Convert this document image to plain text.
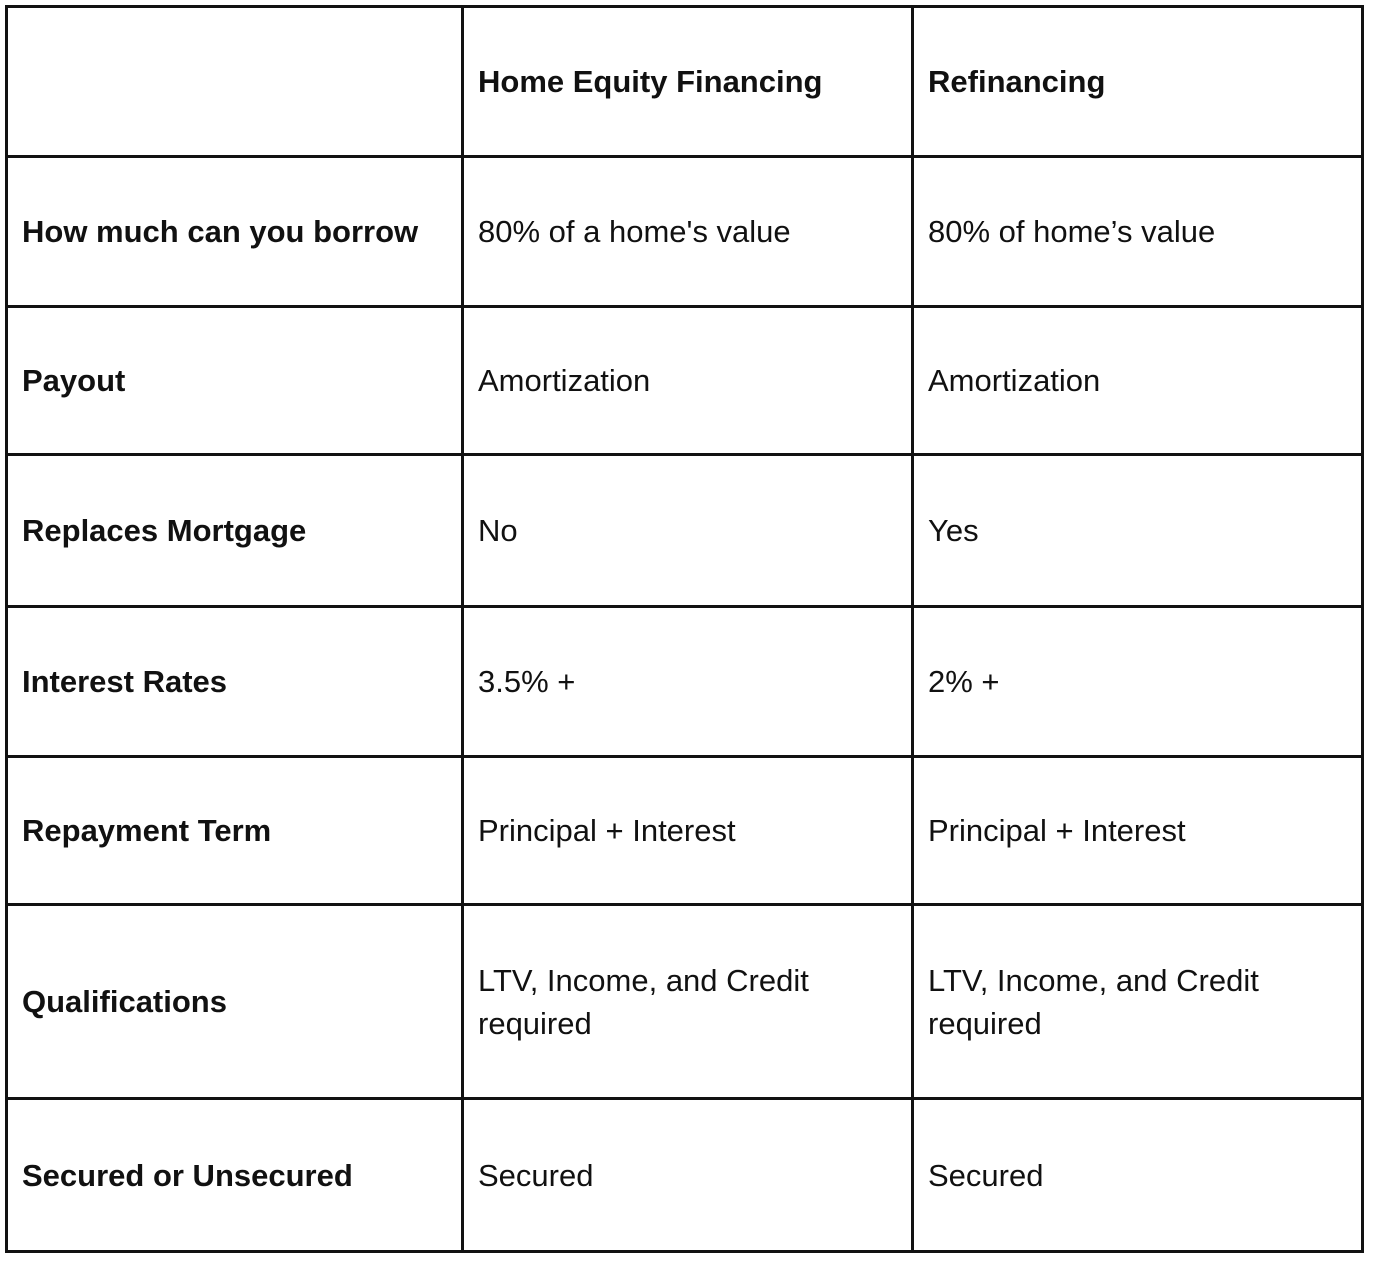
	Home Equity Financing	Refinancing
How much can you borrow	80% of a home's value	80% of home’s value
Payout	Amortization	Amortization
Replaces Mortgage	No	Yes
Interest Rates	3.5% +	2% +
Repayment Term	Principal + Interest	Principal + Interest
Qualifications	LTV, Income, and Credit required	LTV, Income, and Credit required
Secured or Unsecured	Secured	Secured
